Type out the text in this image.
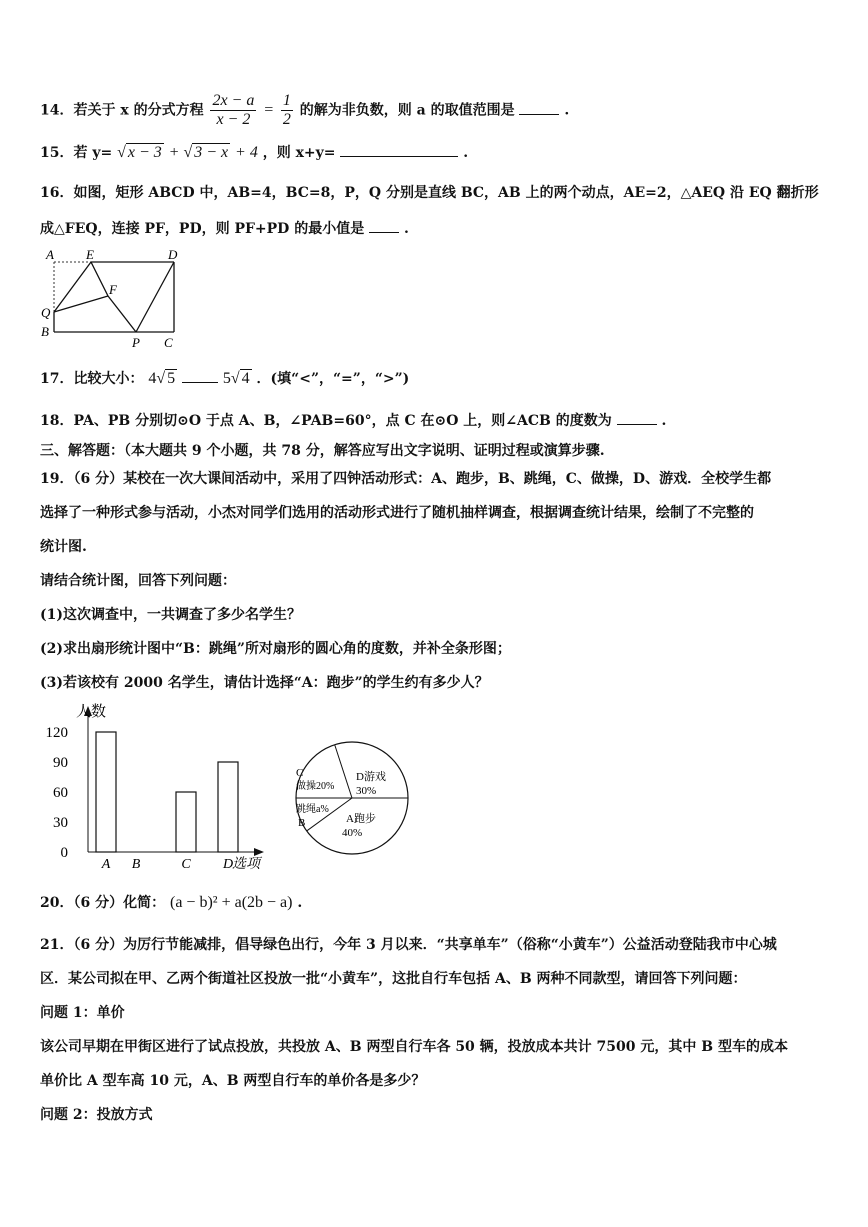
14．若关于 x 的分式方程 $\frac{2x - a}{x - 2} = \frac{1}{2}$ 的解为非负数，则 a 的取值范围是	.
15．若 y= √ x − 3 + √ 3 − x + 4 ，则 x+y=	.
16．如图，矩形 ABCD 中，AB=4，BC=8，P，Q 分别是直线 BC，AB 上的两个动点，AE=2，△AEQ 沿 EQ 翻折形
成△FEQ，连接 PF，PD，则 PF+PD 的最小值是	.
A E	D
F
Q
B
P C
17．比较大小： 4√ 5	5√ 4 ．(填“<”，“=”，“>”)
18．PA、PB 分别切⊙O 于点 A、B，∠PAB=60°，点 C 在⊙O 上，则∠ACB 的度数为	.
三、解答题：（本大题共 9 个小题，共 78 分，解答应写出文字说明、证明过程或演算步骤.
19．（6 分）某校在一次大课间活动中，采用了四钟活动形式：A、跑步，B、跳绳，C、做操，D、游戏．全校学生都
选择了一种形式参与活动，小杰对同学们选用的活动形式进行了随机抽样调查，根据调查统计结果，绘制了不完整的
统计图.
请结合统计图，回答下列问题：
(1)这次调查中，一共调查了多少名学生？
(2)求出扇形统计图中“B：跳绳”所对扇形的圆心角的度数，并补全条形图；
(3)若该校有 2000 名学生，请估计选择“A：跑步”的学生约有多少人？
人数
选项
120
90
60
30
0
A B	C D
C
做操20%
跳绳a%
B
D游戏
30%
A跑步
40%
20．（6 分）化简： (a − b)² + a(2b − a) .
21．（6 分）为厉行节能减排，倡导绿色出行，今年 3 月以来．“共享单车”（俗称“小黄车”）公益活动登陆我市中心城
区．某公司拟在甲、乙两个街道社区投放一批“小黄车”，这批自行车包括 A、B 两种不同款型，请回答下列问题：
问题 1：单价
该公司早期在甲街区进行了试点投放，共投放 A、B 两型自行车各 50 辆，投放成本共计 7500 元，其中 B 型车的成本
单价比 A 型车高 10 元，A、B 两型自行车的单价各是多少？
问题 2：投放方式
